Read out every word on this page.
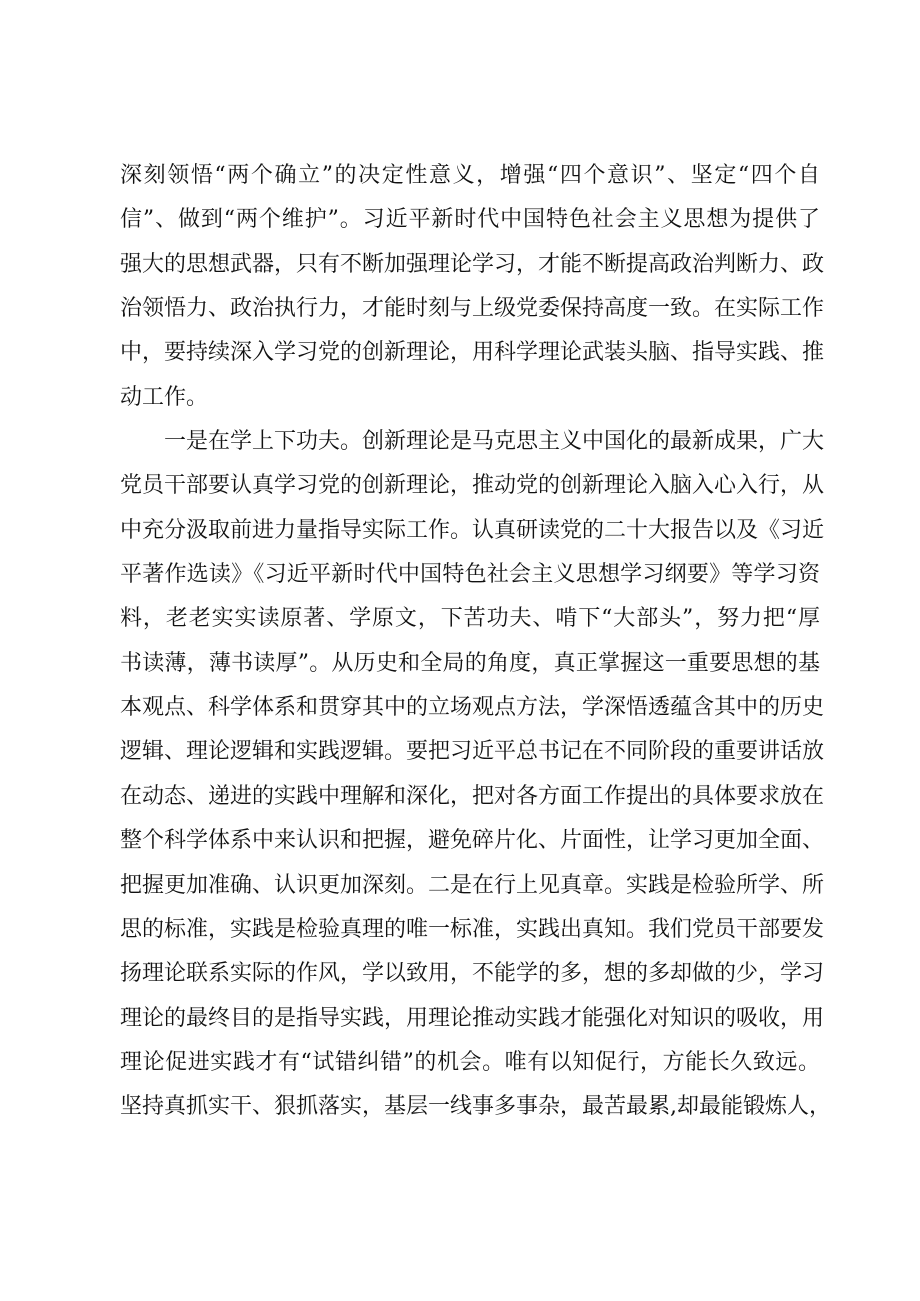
深刻领悟“两个确立”的决定性意义，增强“四个意识”、坚定“四个自
信”、做到“两个维护”。习近平新时代中国特色社会主义思想为提供了
强大的思想武器，只有不断加强理论学习，才能不断提高政治判断力、政
治领悟力、政治执行力，才能时刻与上级党委保持高度一致。在实际工作
中，要持续深入学习党的创新理论，用科学理论武装头脑、指导实践、推
动工作。
一是在学上下功夫。创新理论是马克思主义中国化的最新成果，广大
党员干部要认真学习党的创新理论，推动党的创新理论入脑入心入行，从
中充分汲取前进力量指导实际工作。认真研读党的二十大报告以及《习近
平著作选读》《习近平新时代中国特色社会主义思想学习纲要》等学习资
料，老老实实读原著、学原文，下苦功夫、啃下“大部头”，努力把“厚
书读薄，薄书读厚”。从历史和全局的角度，真正掌握这一重要思想的基
本观点、科学体系和贯穿其中的立场观点方法，学深悟透蕴含其中的历史
逻辑、理论逻辑和实践逻辑。要把习近平总书记在不同阶段的重要讲话放
在动态、递进的实践中理解和深化，把对各方面工作提出的具体要求放在
整个科学体系中来认识和把握，避免碎片化、片面性，让学习更加全面、
把握更加准确、认识更加深刻。二是在行上见真章。实践是检验所学、所
思的标准，实践是检验真理的唯一标准，实践出真知。我们党员干部要发
扬理论联系实际的作风，学以致用，不能学的多，想的多却做的少，学习
理论的最终目的是指导实践，用理论推动实践才能强化对知识的吸收，用
理论促进实践才有“试错纠错”的机会。唯有以知促行，方能长久致远。
坚持真抓实干、狠抓落实，基层一线事多事杂，最苦最累,却最能锻炼人，
